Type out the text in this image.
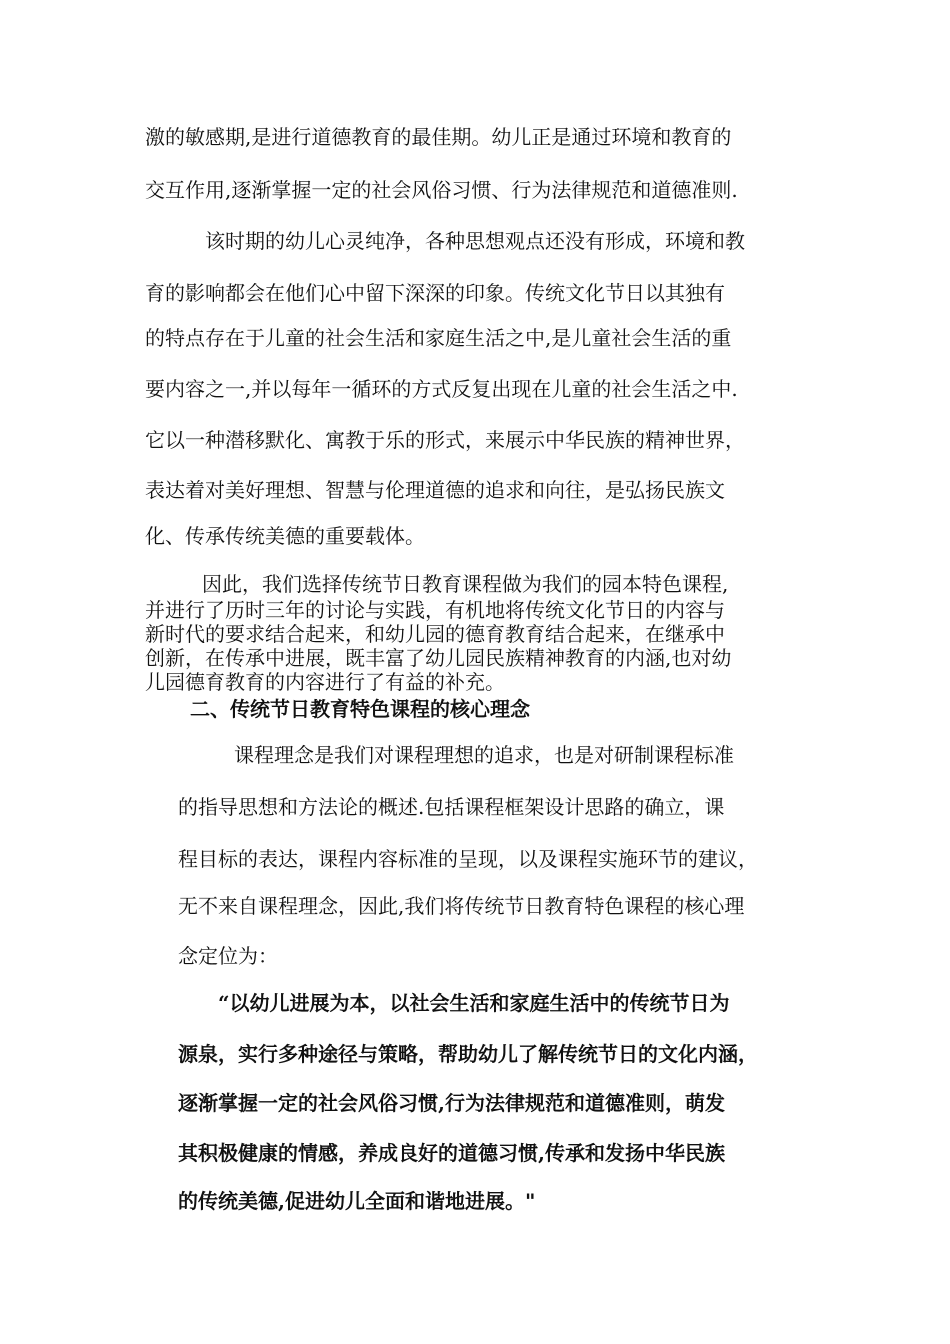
激的敏感期,是进行道德教育的最佳期。幼儿正是通过环境和教育的

交互作用,逐渐掌握一定的社会风俗习惯、行为法律规范和道德准则.

该时期的幼儿心灵纯净，各种思想观点还没有形成，环境和教

育的影响都会在他们心中留下深深的印象。传统文化节日以其独有

的特点存在于儿童的社会生活和家庭生活之中,是儿童社会生活的重

要内容之一,并以每年一循环的方式反复出现在儿童的社会生活之中.

它以一种潜移默化、寓教于乐的形式，来展示中华民族的精神世界，

表达着对美好理想、智慧与伦理道德的追求和向往，是弘扬民族文

化、传承传统美德的重要载体。

因此，我们选择传统节日教育课程做为我们的园本特色课程,

并进行了历时三年的讨论与实践，有机地将传统文化节日的内容与

新时代的要求结合起来，和幼儿园的德育教育结合起来，在继承中

创新，在传承中进展，既丰富了幼儿园民族精神教育的内涵,也对幼

儿园德育教育的内容进行了有益的补充。

二、传统节日教育特色课程的核心理念

课程理念是我们对课程理想的追求，也是对研制课程标准

的指导思想和方法论的概述.包括课程框架设计思路的确立，课

程目标的表达，课程内容标准的呈现，以及课程实施环节的建议，

无不来自课程理念，因此,我们将传统节日教育特色课程的核心理

念定位为：

“以幼儿进展为本，以社会生活和家庭生活中的传统节日为

源泉，实行多种途径与策略，帮助幼儿了解传统节日的文化内涵，

逐渐掌握一定的社会风俗习惯,行为法律规范和道德准则，萌发

其积极健康的情感，养成良好的道德习惯,传承和发扬中华民族

的传统美德,促进幼儿全面和谐地进展。"
